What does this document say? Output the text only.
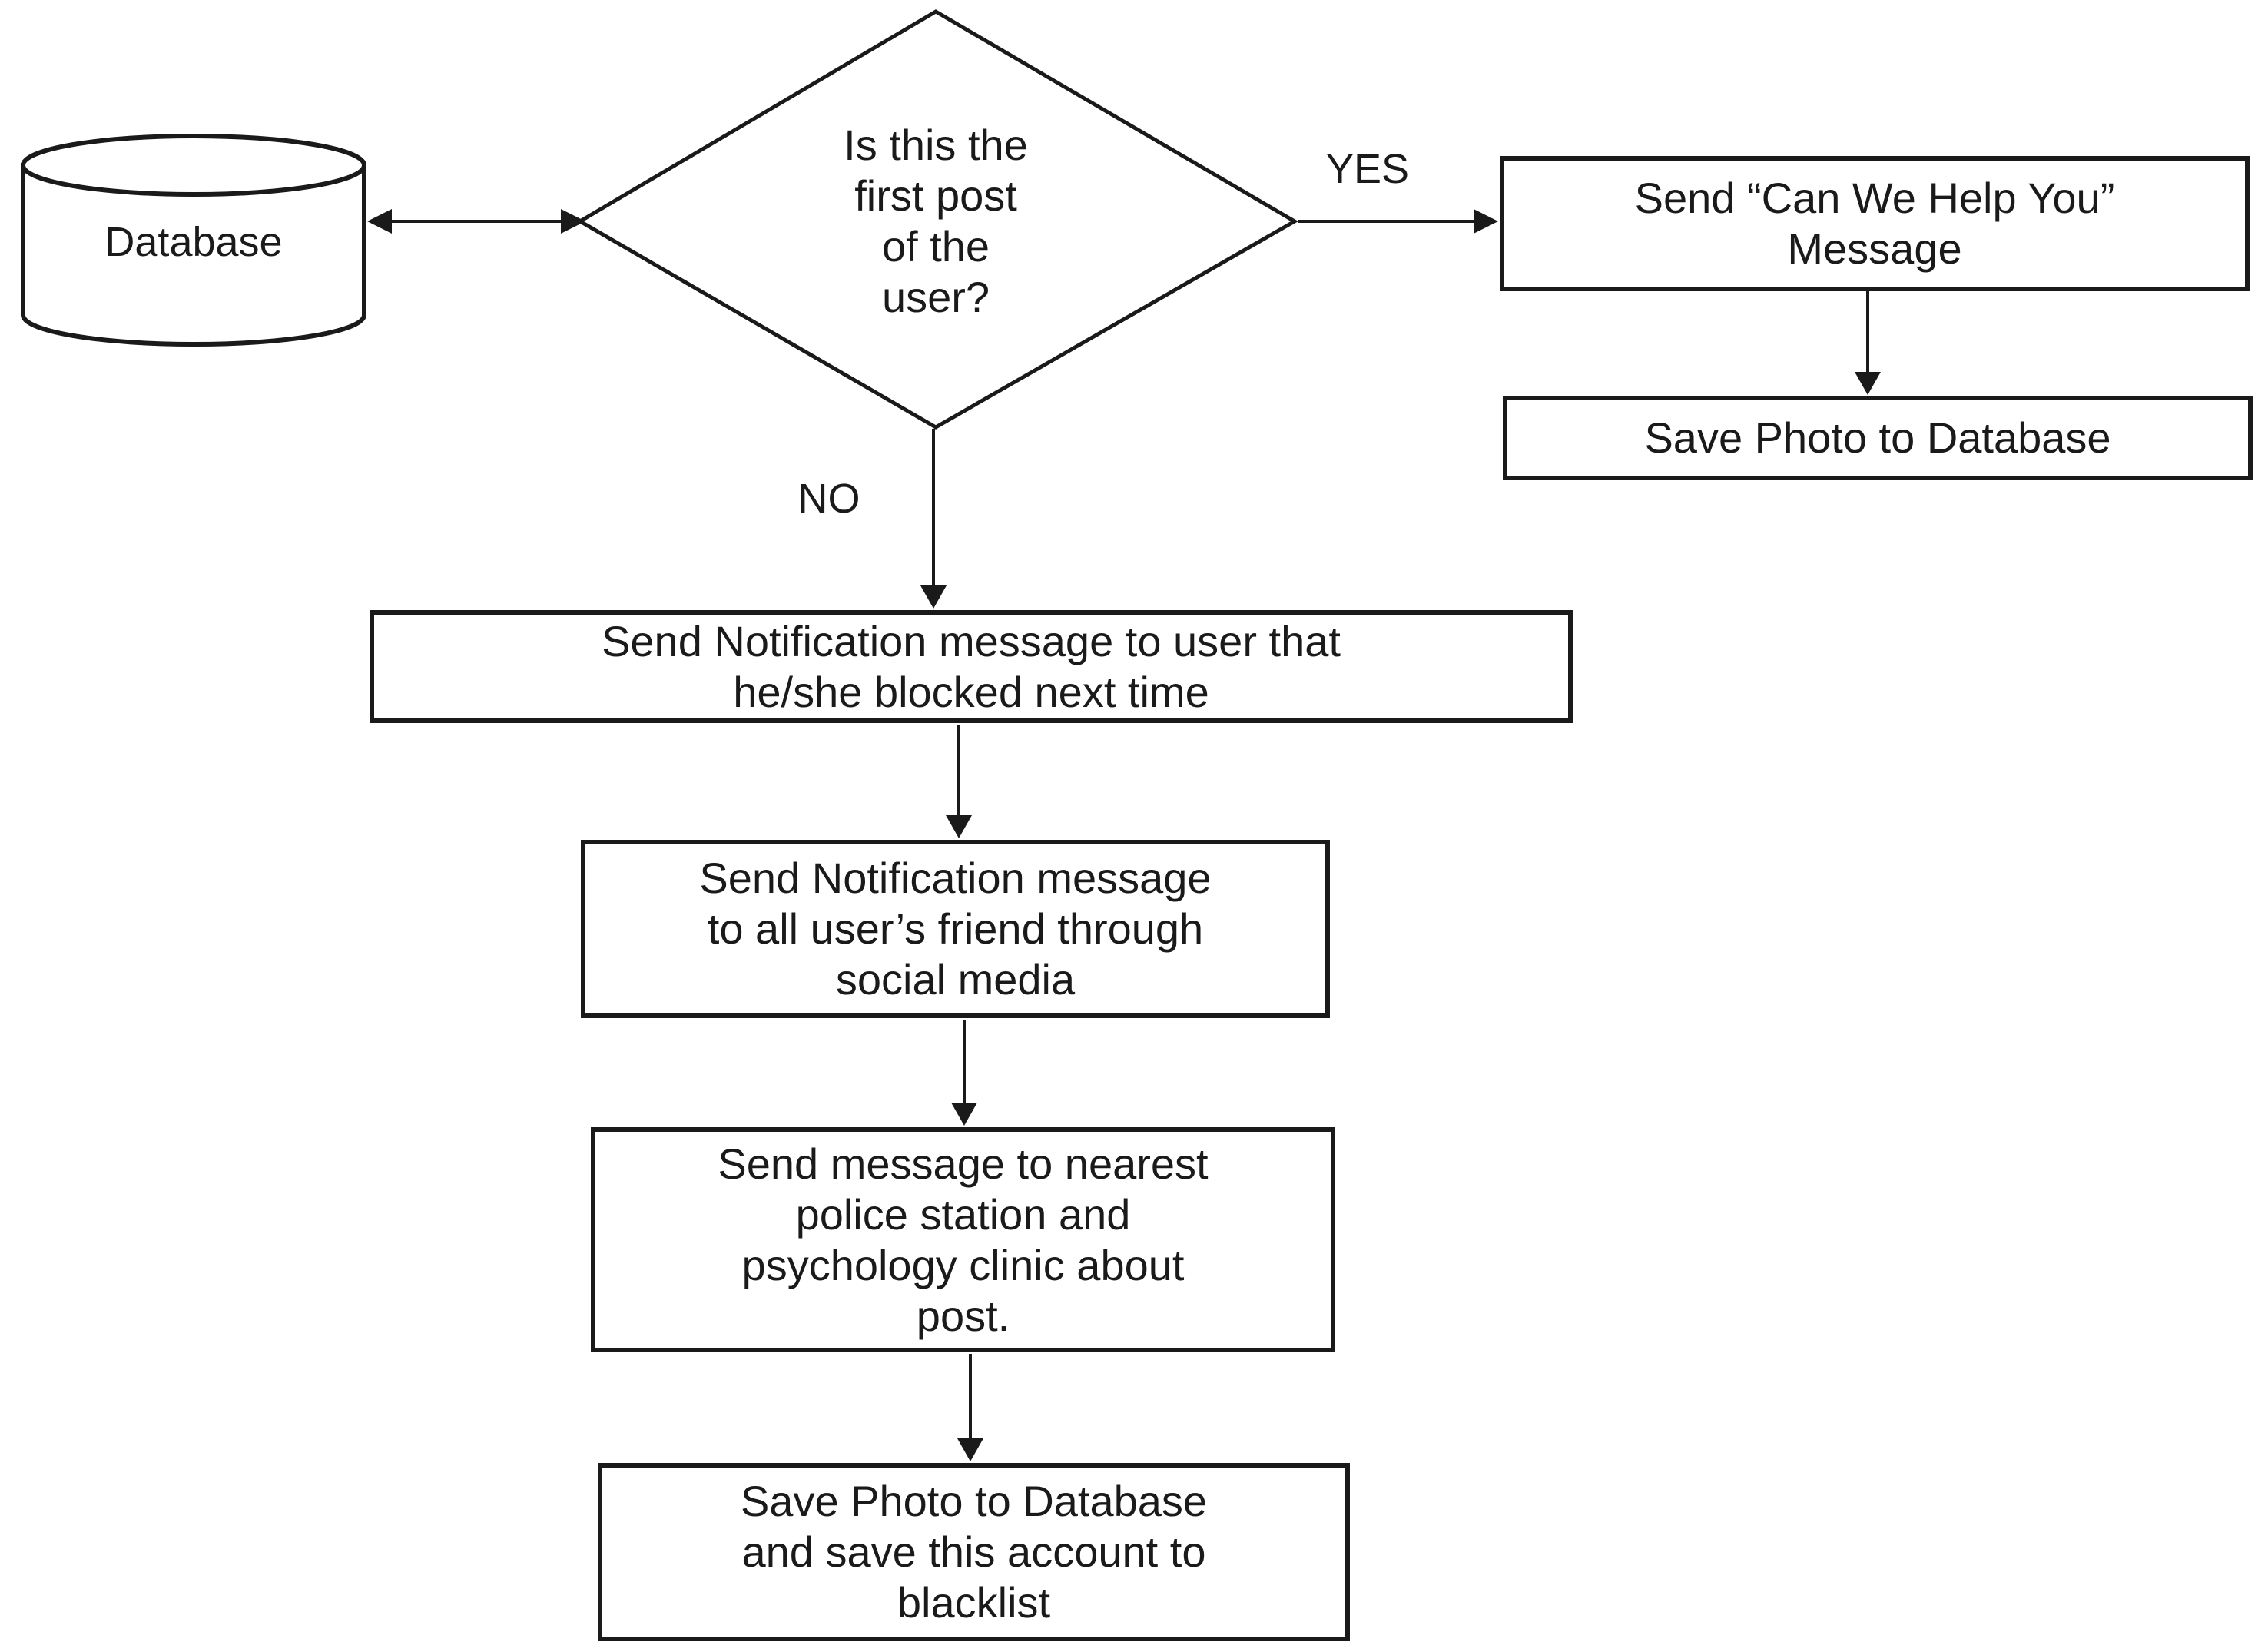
Database
Is this the
first post
of the
user?
YES
NO
Send “Can We Help You”
Message
Save Photo to Database
Send Notification message to user that
he/she blocked next time
Send Notification message
to all user’s friend through
social media
Send message to nearest
police station and
psychology clinic about
post.
Save Photo to Database
and save this account to
blacklist
